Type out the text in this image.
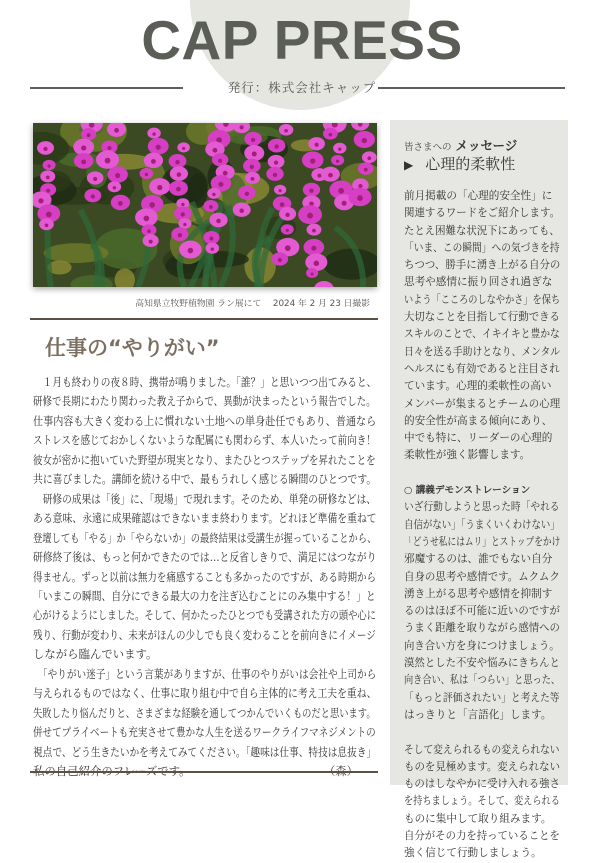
CAP PRESS
発行：株式会社キャップ
高知県立牧野植物園 ラン展にて　 2024 年 2 月 23 日撮影
仕事の“やりがい”
　１月も終わりの夜８時、携帯が鳴りました。「誰？」と思いつつ出てみると、
研修で長期にわたり関わった教え子からで、異動が決まったという報告でした。
仕事内容も大きく変わる上に慣れない土地への単身赴任でもあり、普通なら
ストレスを感じておかしくないような配属にも関わらず、本人いたって前向き！
彼女が密かに抱いていた野望が現実となり、またひとつステップを昇れたことを
共に喜びました。講師を続ける中で、最もうれしく感じる瞬間のひとつです。
　研修の成果は「後」に、「現場」で現れます。そのため、単発の研修などは、
ある意味、永遠に成果確認はできないまま終わります。どれほど準備を重ねて
登壇しても「やる」か「やらないか」の最終結果は受講生が握っていることから、
研修終了後は、もっと何かできたのでは…と反省しきりで、満足にはつながり
得ません。ずっと以前は無力を痛感することも多かったのですが、ある時期から
「いまこの瞬間、自分にできる最大の力を注ぎ込むことにのみ集中する！」と
心がけるようにしました。そして、何かたったひとつでも受講された方の頭や心に
残り、行動が変わり、未来がほんの少しでも良く変わることを前向きにイメージ
しながら臨んでいます。
　「やりがい迷子」という言葉がありますが、仕事のやりがいは会社や上司から
与えられるものではなく、仕事に取り組む中で自ら主体的に考え工夫を重ね、
失敗したり悩んだりと、さまざまな経験を通してつかんでいくものだと思います。
併せてプライベートも充実させて豊かな人生を送るワークライフマネジメントの
視点で、どう生きたいかを考えてみてください。「趣味は仕事、特技は息抜き」
皆さまへの メッセージ
▶ 心理的柔軟性
前月掲載の「心理的安全性」に
関連するワードをご紹介します。
たとえ困難な状況下にあっても、
「いま、この瞬間」への気づきを持
ちつつ、勝手に湧き上がる自分の
思考や感情に振り回され過ぎな
いよう「こころのしなやかさ」を保ち
大切なことを目指して行動できる
スキルのことで、イキイキと豊かな
日々を送る手助けとなり、メンタル
ヘルスにも有効であると注目され
ています。心理的柔軟性の高い
メンバーが集まるとチームの心理
的安全性が高まる傾向にあり、
中でも特に、リーダーの心理的
柔軟性が強く影響します。
○ 講義デモンストレーション
いざ行動しようと思った時「やれる
自信がない」「うまくいくわけない」
「どうせ私にはムリ」とストップをかけ
邪魔するのは、誰でもない自分
自身の思考や感情です。ムクムク
湧き上がる思考や感情を抑制す
るのはほぼ不可能に近いのですが
うまく距離を取りながら感情への
向き合い方を身につけましょう。
漠然とした不安や悩みにきちんと
向き合い、私は「つらい」と思った、
「もっと評価されたい」と考えた等
はっきりと「言語化」します。
そして変えられるもの変えられない
ものを見極めます。変えられない
ものはしなやかに受け入れる強さ
を持ちましょう。そして、変えられる
ものに集中して取り組みます。
自分がその力を持っていることを
強く信じて行動しましょう。
